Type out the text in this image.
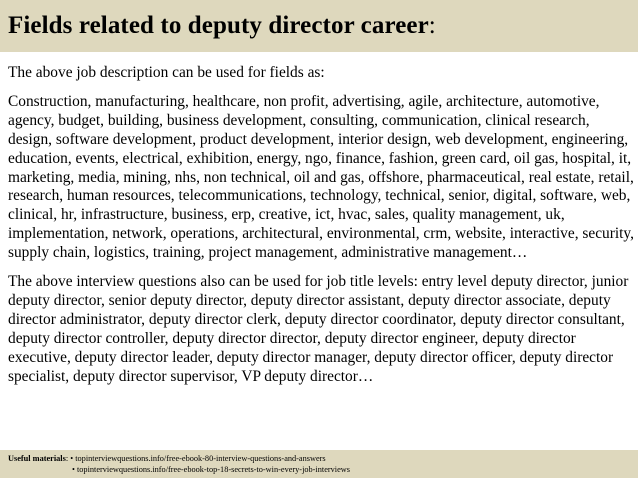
Fields related to deputy director career:

The above job description can be used for fields as:

Construction, manufacturing, healthcare, non profit, advertising, agile, architecture, automotive, agency, budget, building, business development, consulting, communication, clinical research, design, software development, product development, interior design, web development, engineering, education, events, electrical, exhibition, energy, ngo, finance, fashion, green card, oil gas, hospital, it, marketing, media, mining, nhs, non technical, oil and gas, offshore, pharmaceutical, real estate, retail, research, human resources, telecommunications, technology, technical, senior, digital, software, web, clinical, hr, infrastructure, business, erp, creative, ict, hvac, sales, quality management, uk, implementation, network, operations, architectural, environmental, crm, website, interactive, security, supply chain, logistics, training, project management, administrative management…

The above interview questions also can be used for job title levels: entry level deputy director, junior deputy director, senior deputy director, deputy director assistant, deputy director associate, deputy director administrator, deputy director clerk, deputy director coordinator, deputy director consultant, deputy director controller, deputy director director, deputy director engineer, deputy director executive, deputy director leader, deputy director manager, deputy director officer, deputy director specialist, deputy director supervisor, VP deputy director…

Useful materials: • topinterviewquestions.info/free-ebook-80-interview-questions-and-answers
• topinterviewquestions.info/free-ebook-top-18-secrets-to-win-every-job-interviews
